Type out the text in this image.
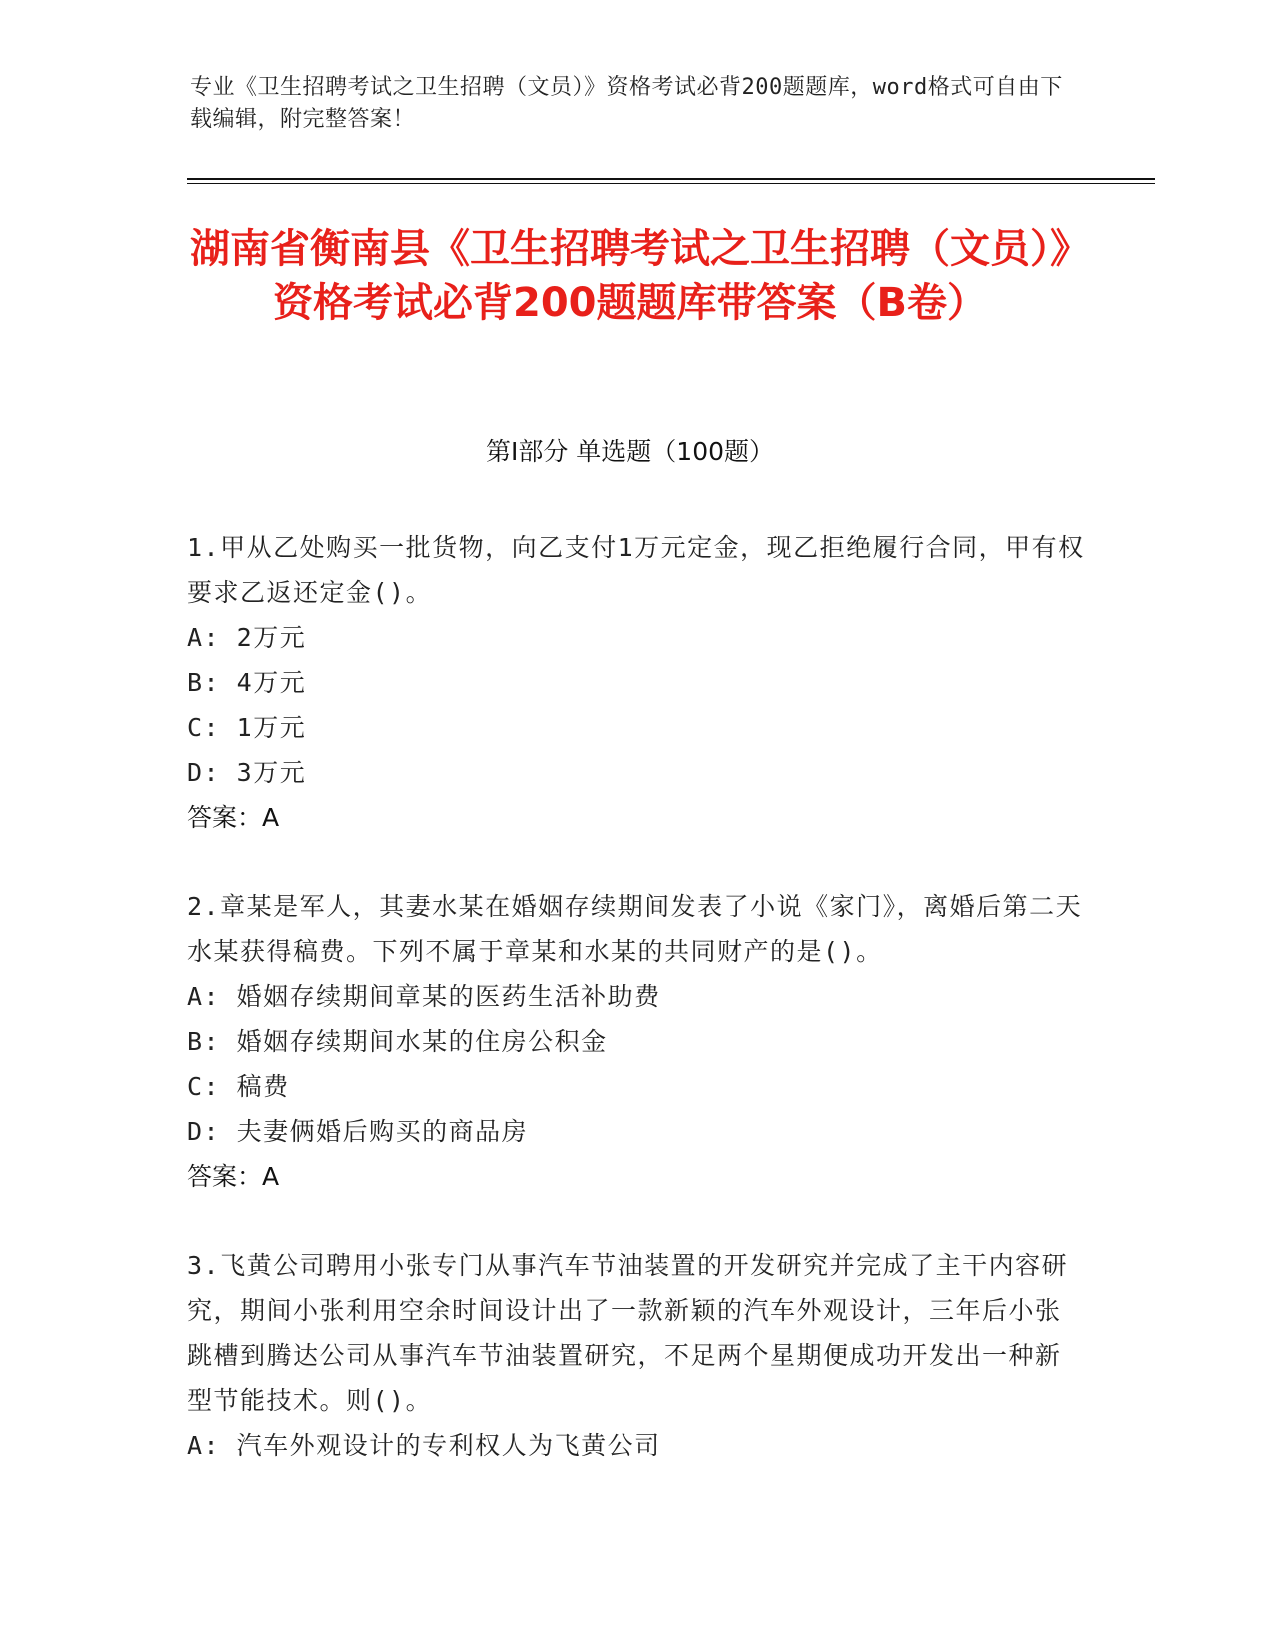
专业《卫生招聘考试之卫生招聘（文员）》资格考试必背200题题库，word格式可自由下载编辑，附完整答案！
湖南省衡南县《卫生招聘考试之卫生招聘（文员）》资格考试必背200题题库带答案（B卷）
第I部分 单选题（100题）

1.甲从乙处购买一批货物，向乙支付1万元定金，现乙拒绝履行合同，甲有权要求乙返还定金()。

A: 2万元

B: 4万元

C: 1万元

D: 3万元

答案：A

2.章某是军人，其妻水某在婚姻存续期间发表了小说《家门》，离婚后第二天水某获得稿费。下列不属于章某和水某的共同财产的是()。

A: 婚姻存续期间章某的医药生活补助费

B: 婚姻存续期间水某的住房公积金

C: 稿费

D: 夫妻俩婚后购买的商品房

答案：A

3.飞黄公司聘用小张专门从事汽车节油装置的开发研究并完成了主干内容研究，期间小张利用空余时间设计出了一款新颖的汽车外观设计，三年后小张跳槽到腾达公司从事汽车节油装置研究，不足两个星期便成功开发出一种新型节能技术。则()。

A: 汽车外观设计的专利权人为飞黄公司
